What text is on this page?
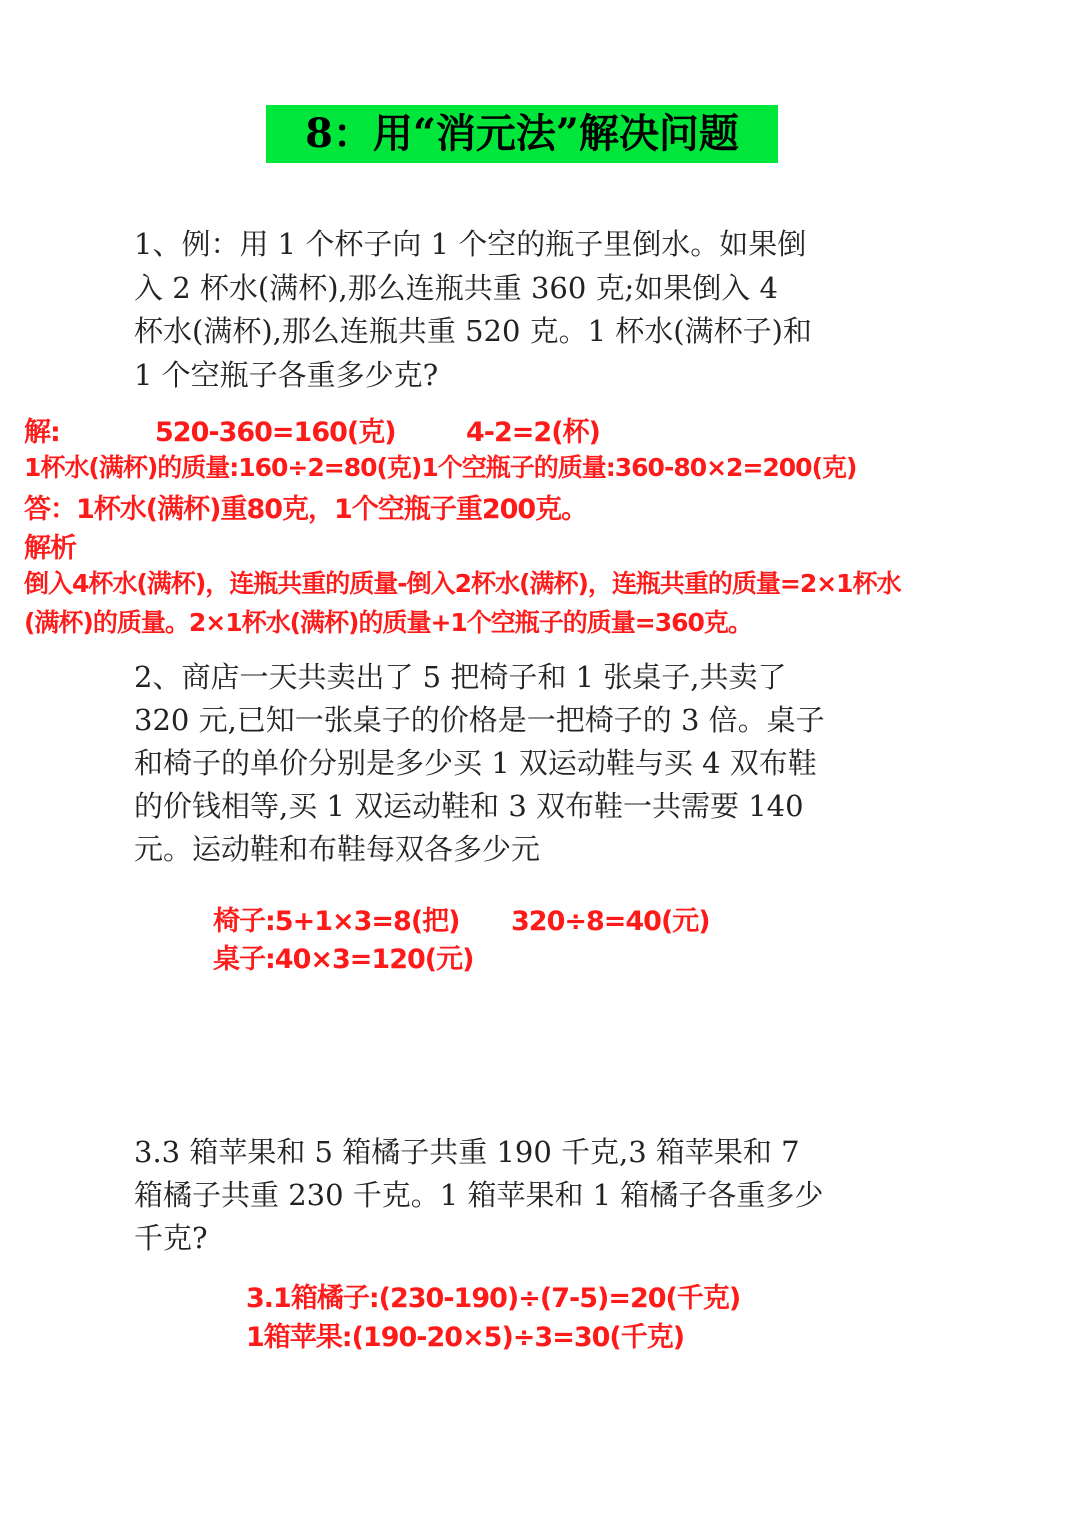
8：用“消元法”解决问题
1、例：用 1 个杯子向 1 个空的瓶子里倒水。如果倒
入 2 杯水(满杯),那么连瓶共重 360 克;如果倒入 4
杯水(满杯),那么连瓶共重 520 克。1 杯水(满杯子)和
1 个空瓶子各重多少克?
解:	520-360=160(克)	4-2=2(杯)
1杯水(满杯)的质量:160÷2=80(克)1个空瓶子的质量:360-80×2=200(克)
答：1杯水(满杯)重80克，1个空瓶子重200克。
解析
倒入4杯水(满杯)，连瓶共重的质量-倒入2杯水(满杯)，连瓶共重的质量=2×1杯水
(满杯)的质量。2×1杯水(满杯)的质量+1个空瓶子的质量=360克。
2、商店一天共卖出了 5 把椅子和 1 张桌子,共卖了
320 元,已知一张桌子的价格是一把椅子的 3 倍。桌子
和椅子的单价分别是多少买 1 双运动鞋与买 4 双布鞋
的价钱相等,买 1 双运动鞋和 3 双布鞋一共需要 140
元。运动鞋和布鞋每双各多少元
椅子:5+1×3=8(把) 320÷8=40(元)
桌子:40×3=120(元)
3.3 箱苹果和 5 箱橘子共重 190 千克,3 箱苹果和 7
箱橘子共重 230 千克。1 箱苹果和 1 箱橘子各重多少
千克?
3.1箱橘子:(230-190)÷(7-5)=20(千克)
1箱苹果:(190-20×5)÷3=30(千克)
